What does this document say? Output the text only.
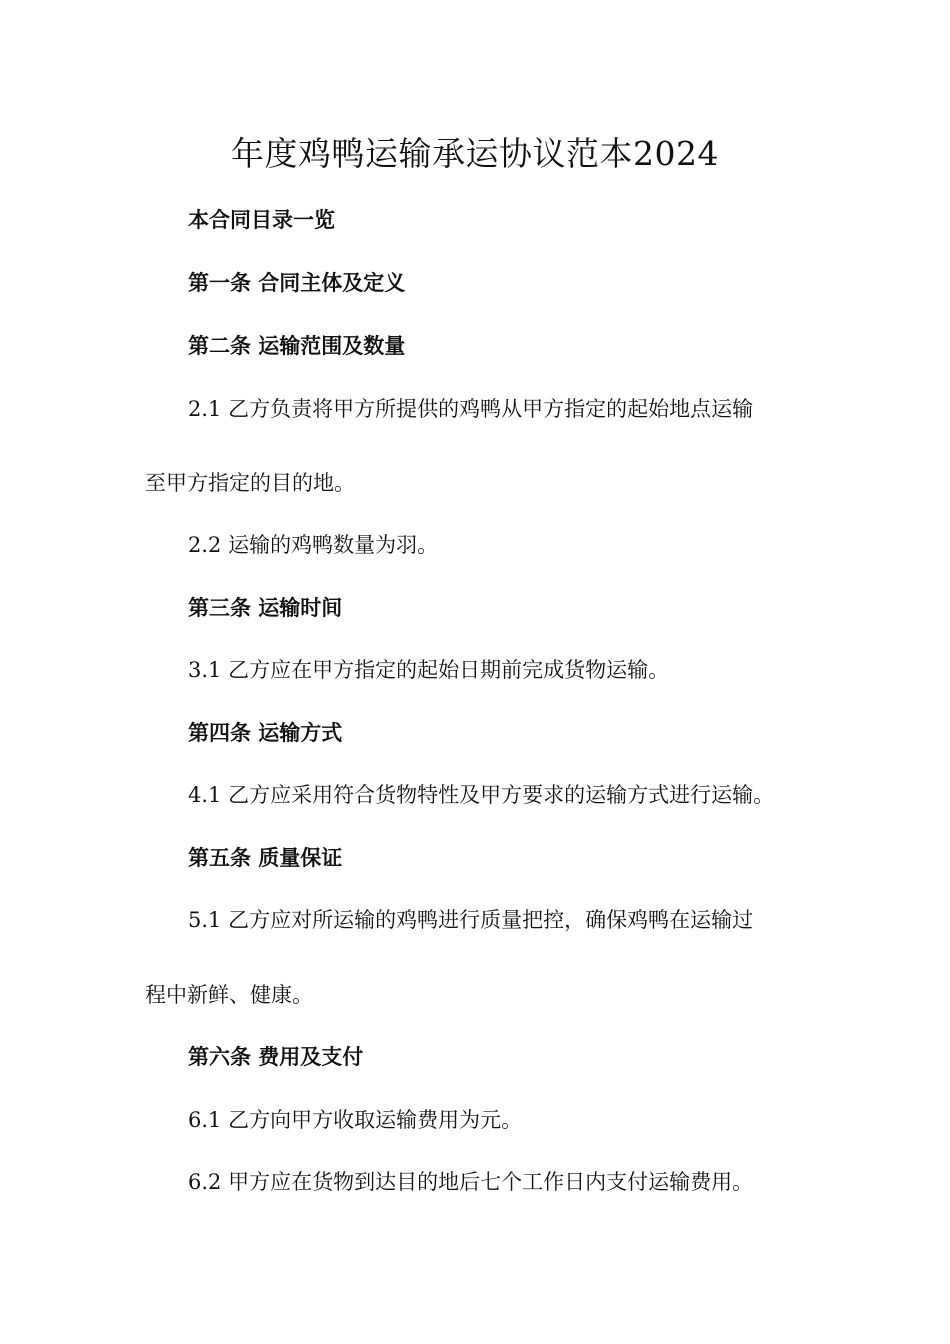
年度鸡鸭运输承运协议范本2024

本合同目录一览

第一条 合同主体及定义

第二条 运输范围及数量

2.1 乙方负责将甲方所提供的鸡鸭从甲方指定的起始地点运输

至甲方指定的目的地。

2.2 运输的鸡鸭数量为羽。

第三条 运输时间

3.1 乙方应在甲方指定的起始日期前完成货物运输。

第四条 运输方式

4.1 乙方应采用符合货物特性及甲方要求的运输方式进行运输。

第五条 质量保证

5.1 乙方应对所运输的鸡鸭进行质量把控，确保鸡鸭在运输过

程中新鲜、健康。

第六条 费用及支付

6.1 乙方向甲方收取运输费用为元。

6.2 甲方应在货物到达目的地后七个工作日内支付运输费用。
